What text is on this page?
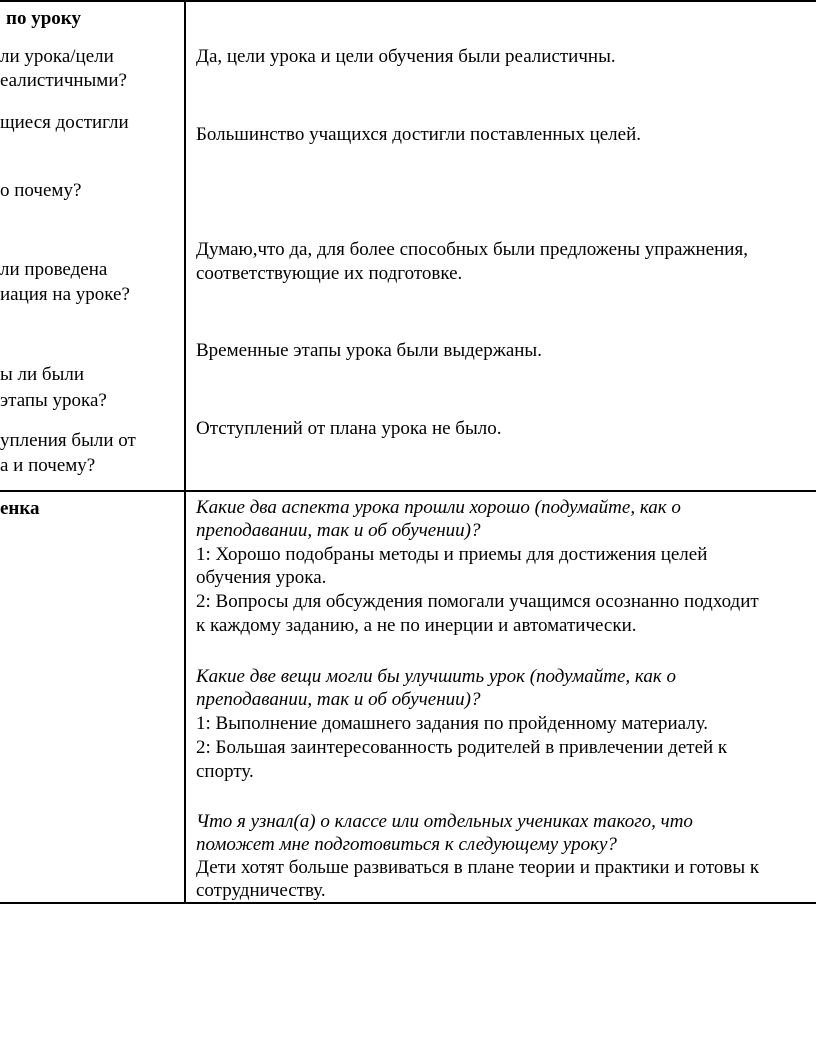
по уроку
ли урока/цели
еалистичными?
щиеся достигли
о почему?
ли проведена
иация на уроке?
ы ли были
этапы урока?
упления были от
а и почему?
енка
Да, цели урока и цели обучения были реалистичны.
Большинство учащихся достигли поставленных целей.
Думаю,что да, для более способных были предложены упражнения,
соответствующие их подготовке.
Временные этапы урока были выдержаны.
Отступлений от плана урока не было.
Какие два аспекта урока прошли хорошо (подумайте, как о
преподавании, так и об обучении)?
1: Хорошо подобраны методы и приемы для достижения целей
обучения урока.
2: Вопросы для обсуждения помогали учащимся осознанно подходит
к каждому заданию, а не по инерции и автоматически.
Какие две вещи могли бы улучшить урок (подумайте, как о
преподавании, так и об обучении)?
1: Выполнение домашнего задания по пройденному материалу.
2: Большая заинтересованность родителей в привлечении детей к
спорту.
Что я узнал(а) о классе или отдельных учениках такого, что
поможет мне подготовиться к следующему уроку?
Дети хотят больше развиваться в плане теории и практики и готовы к
сотрудничеству.
